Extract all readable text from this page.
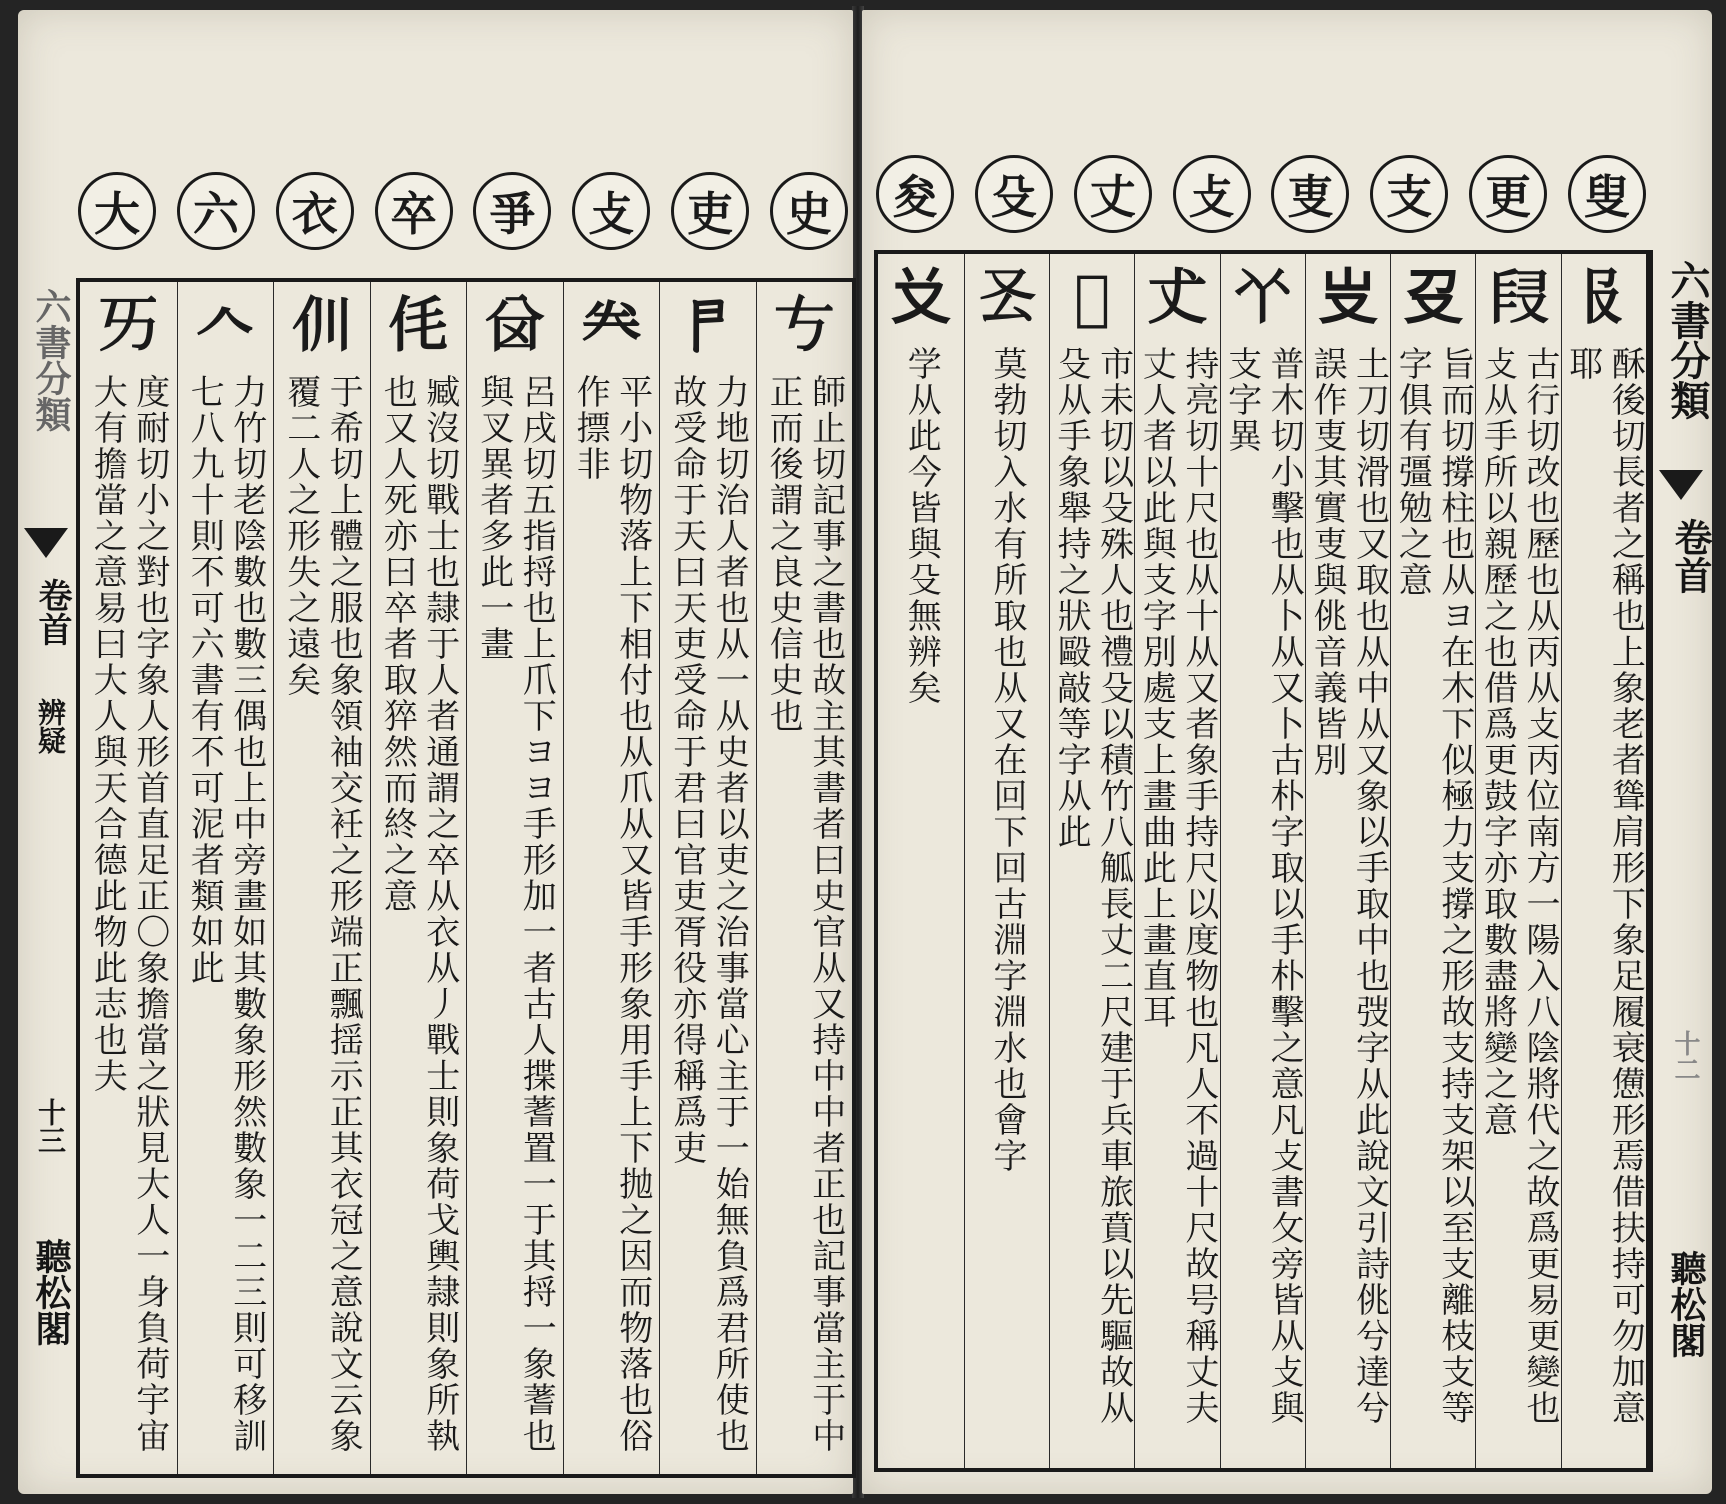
史
吏
攴
爭
卒
衣
六
大
六書分類
卷首
辨疑
十三
聽松閣
𠀁
師止切記事之書也故主其書者曰史官从又持中中者正也記事當主于中正而後謂之良史信史也
𠁣
力地切治人者也从一从史者以吏之治事當心主于一始無負爲君所使也故受命于天曰天吏受命于君曰官吏胥役亦得稱爲吏
𠔉
平小切物落上下相付也从爪从又皆手形象用手上下抛之因而物落也俗作摽非
𠔋
呂戌切五指捋也上爪下ヨヨ手形加一者古人揲蓍置一于其捋一象蓍也與叉異者多此一畫
𠇔
臧沒切戰士也隷于人者通謂之卒从衣从丿戰士則象荷戈輿隷則象所執也又人死亦曰卒者取猝然而終之意
𠆯
于希切上體之服也象領袖交衽之形端正飄揺示正其衣冠之意說文云象覆二人之形失之遠矣
𠆢
力竹切老陰數也數三偶也上中旁畫如其數象形然數象一二三則可移訓七八九十則不可六書有不可泥者類如此
𠀅
度耐切小之對也字象人形首直足正〇象擔當之狀見大人一身負荷宇宙大有擔當之意易曰大人與天合德此物此志也夫
叟
更
支
叓
攴
丈
殳
夋
𠬝
酥後切長者之稱也上象老者聳肩形下象足履衰憊形焉借扶持可勿加意耶
𠭊
古行切改也歷也从丙从攴丙位南方一陽入八陰將代之故爲更易更變也攴从手所以親歷之也借爲更鼓字亦取數盡將變之意
𠬛
旨而切撐柱也从ヨ在木下似極力支撐之形故支持支架以至支離枝支等字俱有彊勉之意
𠬢
土刀切滑也又取也从中从又象以手取中也弢字从此說文引詩佻兮達兮誤作叓其實叓與佻音義皆別
𠁥
普木切小擊也从卜从又卜古朴字取以手朴擊之意凡攴書攵旁皆从攴與支字異
𠀋
持亮切十尺也从十从又者象手持尺以度物也凡人不過十尺故号稱丈夫丈人者以此與支字別處支上畫曲此上畫直耳
𠭒
市未切以殳殊人也禮殳以積竹八觚長丈二尺建于兵車旅賁以先驅故从殳从手象舉持之狀毆敲等字从此
𠬟
莫勃切入水有所取也从又在回下回古淵字淵水也會字
𠬠
学从此今皆與殳無辨矣
六書分類
卷首
十二
聽松閣
